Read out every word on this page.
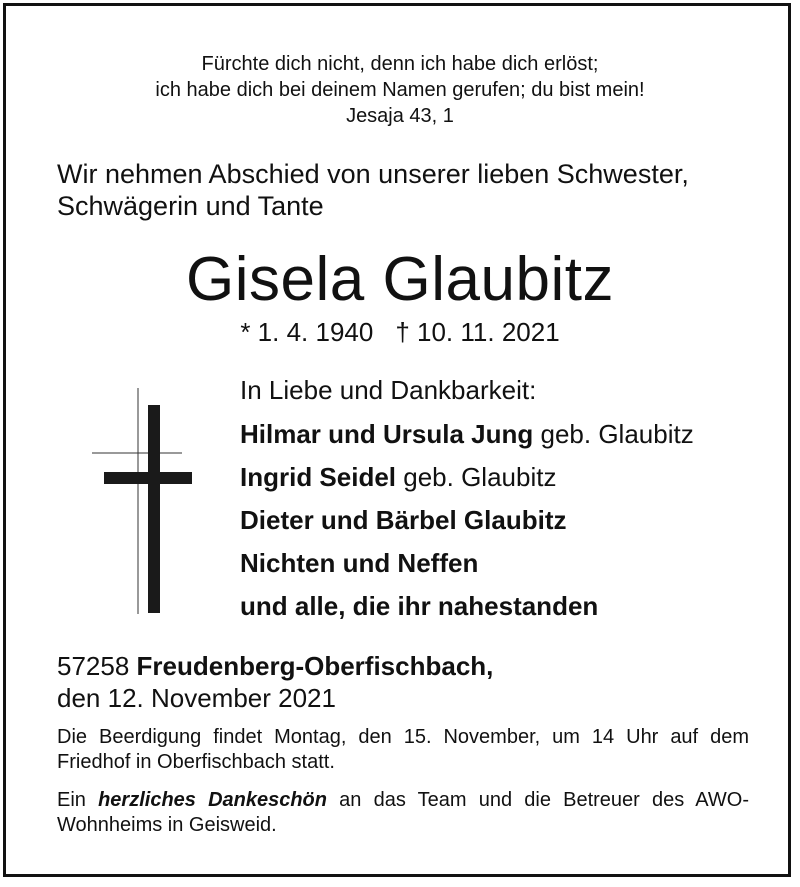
Fürchte dich nicht, denn ich habe dich erlöst;
ich habe dich bei deinem Namen gerufen; du bist mein!
Jesaja 43, 1
Wir nehmen Abschied von unserer lieben Schwester,
Schwägerin und Tante
Gisela Glaubitz
* 1. 4. 1940 † 10. 11. 2021
In Liebe und Dankbarkeit:
Hilmar und Ursula Jung geb. Glaubitz
Ingrid Seidel geb. Glaubitz
Dieter und Bärbel Glaubitz
Nichten und Neffen
und alle, die ihr nahestanden
57258 Freudenberg-Oberfischbach,
den 12. November 2021
Die Beerdigung findet Montag, den 15. November, um 14 Uhr auf dem Friedhof in Oberfischbach statt.
Ein herzliches Dankeschön an das Team und die Betreuer des AWO-Wohnheims in Geisweid.
